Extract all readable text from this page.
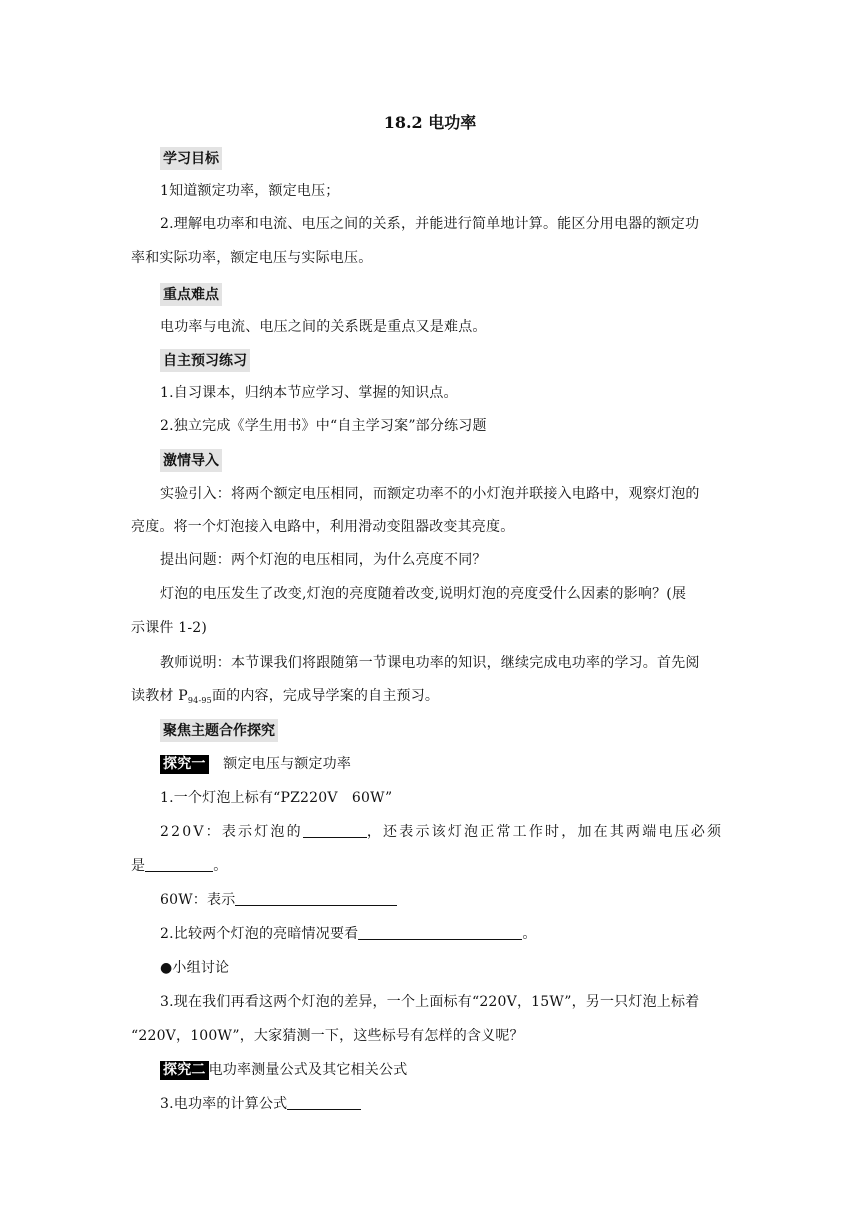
18.2 电功率
学习目标
1知道额定功率，额定电压；
2.理解电功率和电流、电压之间的关系，并能进行简单地计算。能区分用电器的额定功
率和实际功率，额定电压与实际电压。
重点难点
电功率与电流、电压之间的关系既是重点又是难点。
自主预习练习
1.自习课本，归纳本节应学习、掌握的知识点。
2.独立完成《学生用书》中“自主学习案”部分练习题
激情导入
实验引入：将两个额定电压相同，而额定功率不的小灯泡并联接入电路中，观察灯泡的
亮度。将一个灯泡接入电路中，利用滑动变阻器改变其亮度。
提出问题：两个灯泡的电压相同，为什么亮度不同？
灯泡的电压发生了改变,灯泡的亮度随着改变,说明灯泡的亮度受什么因素的影响？(展
示课件 1-2)
教师说明：本节课我们将跟随第一节课电功率的知识，继续完成电功率的学习。首先阅
读教材 $P_{94-95}$面的内容，完成导学案的自主预习。
聚焦主题合作探究
探究一 额定电压与额定功率
1.一个灯泡上标有“PZ220V　60W”
220V：表示灯泡的	，还表示该灯泡正常工作时，加在其两端电压必须
是	。
60W：表示
2.比较两个灯泡的亮暗情况要看	。
●小组讨论
3.现在我们再看这两个灯泡的差异，一个上面标有“220V，15W”，另一只灯泡上标着
“220V，100W”，大家猜测一下，这些标号有怎样的含义呢？
探究二 电功率测量公式及其它相关公式
3.电功率的计算公式
